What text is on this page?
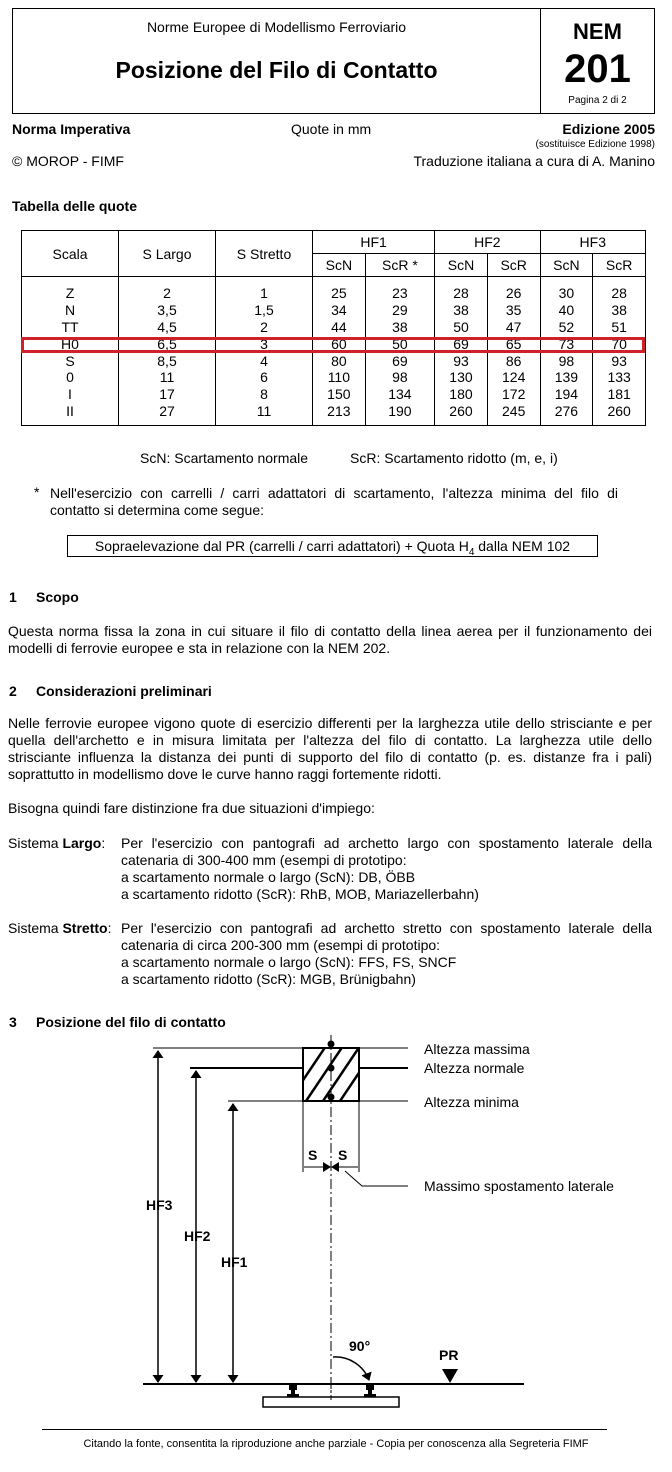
Norme Europee di Modellismo Ferroviario
Posizione del Filo di Contatto
NEM
201
Pagina 2 di 2
Norma Imperativa	Quote in mm	Edizione 2005
(sostituisce Edizione 1998)
© MOROP - FIMF	Traduzione italiana a cura di A. Manino
Tabella delle quote
Scala	S Largo	S Stretto	HF1		HF2		HF3	
			ScN	ScR *	ScN	ScR	ScN	ScR
Z	2	1	25	23	28	26	30	28
N	3,5	1,5	34	29	38	35	40	38
TT	4,5	2	44	38	50	47	52	51
H0	6,5	3	60	50	69	65	73	70
S	8,5	4	80	69	93	86	98	93
0	11	6	110	98	130	124	139	133
I	17	8	150	134	180	172	194	181
II	27	11	213	190	260	245	276	260
ScN: Scartamento normale	ScR: Scartamento ridotto (m, e, i)
* Nell'esercizio con carrelli / carri adattatori di scartamento, l'altezza minima del filo di contatto si determina come segue:
Sopraelevazione dal PR (carrelli / carri adattatori) + Quota $H_4$ dalla NEM 102
1 Scopo
Questa norma fissa la zona in cui situare il filo di contatto della linea aerea per il funzionamento dei modelli di ferrovie europee e sta in relazione con la NEM 202.
2 Considerazioni preliminari
Nelle ferrovie europee vigono quote di esercizio differenti per la larghezza utile dello strisciante e per quella dell'archetto e in misura limitata per l'altezza del filo di contatto. La larghezza utile dello strisciante influenza la distanza dei punti di supporto del filo di contatto (p. es. distanze fra i pali) soprattutto in modellismo dove le curve hanno raggi fortemente ridotti.
Bisogna quindi fare distinzione fra due situazioni d'impiego:
Sistema Largo: Per l'esercizio con pantografi ad archetto largo con spostamento laterale della catenaria di 300-400 mm (esempi di prototipo:
a scartamento normale o largo (ScN): DB, ÖBB
a scartamento ridotto (ScR): RhB, MOB, Mariazellerbahn)
Sistema Stretto: Per l'esercizio con pantografi ad archetto stretto con spostamento laterale della catenaria di circa 200-300 mm (esempi di prototipo:
a scartamento normale o largo (ScN): FFS, FS, SNCF
a scartamento ridotto (ScR): MGB, Brünigbahn)
3 Posizione del filo di contatto
S S
Altezza massima
Altezza normale
Altezza minima
Massimo spostamento laterale
HF3
HF2
HF1
PR
90°
Citando la fonte, consentita la riproduzione anche parziale - Copia per conoscenza alla Segreteria FIMF
